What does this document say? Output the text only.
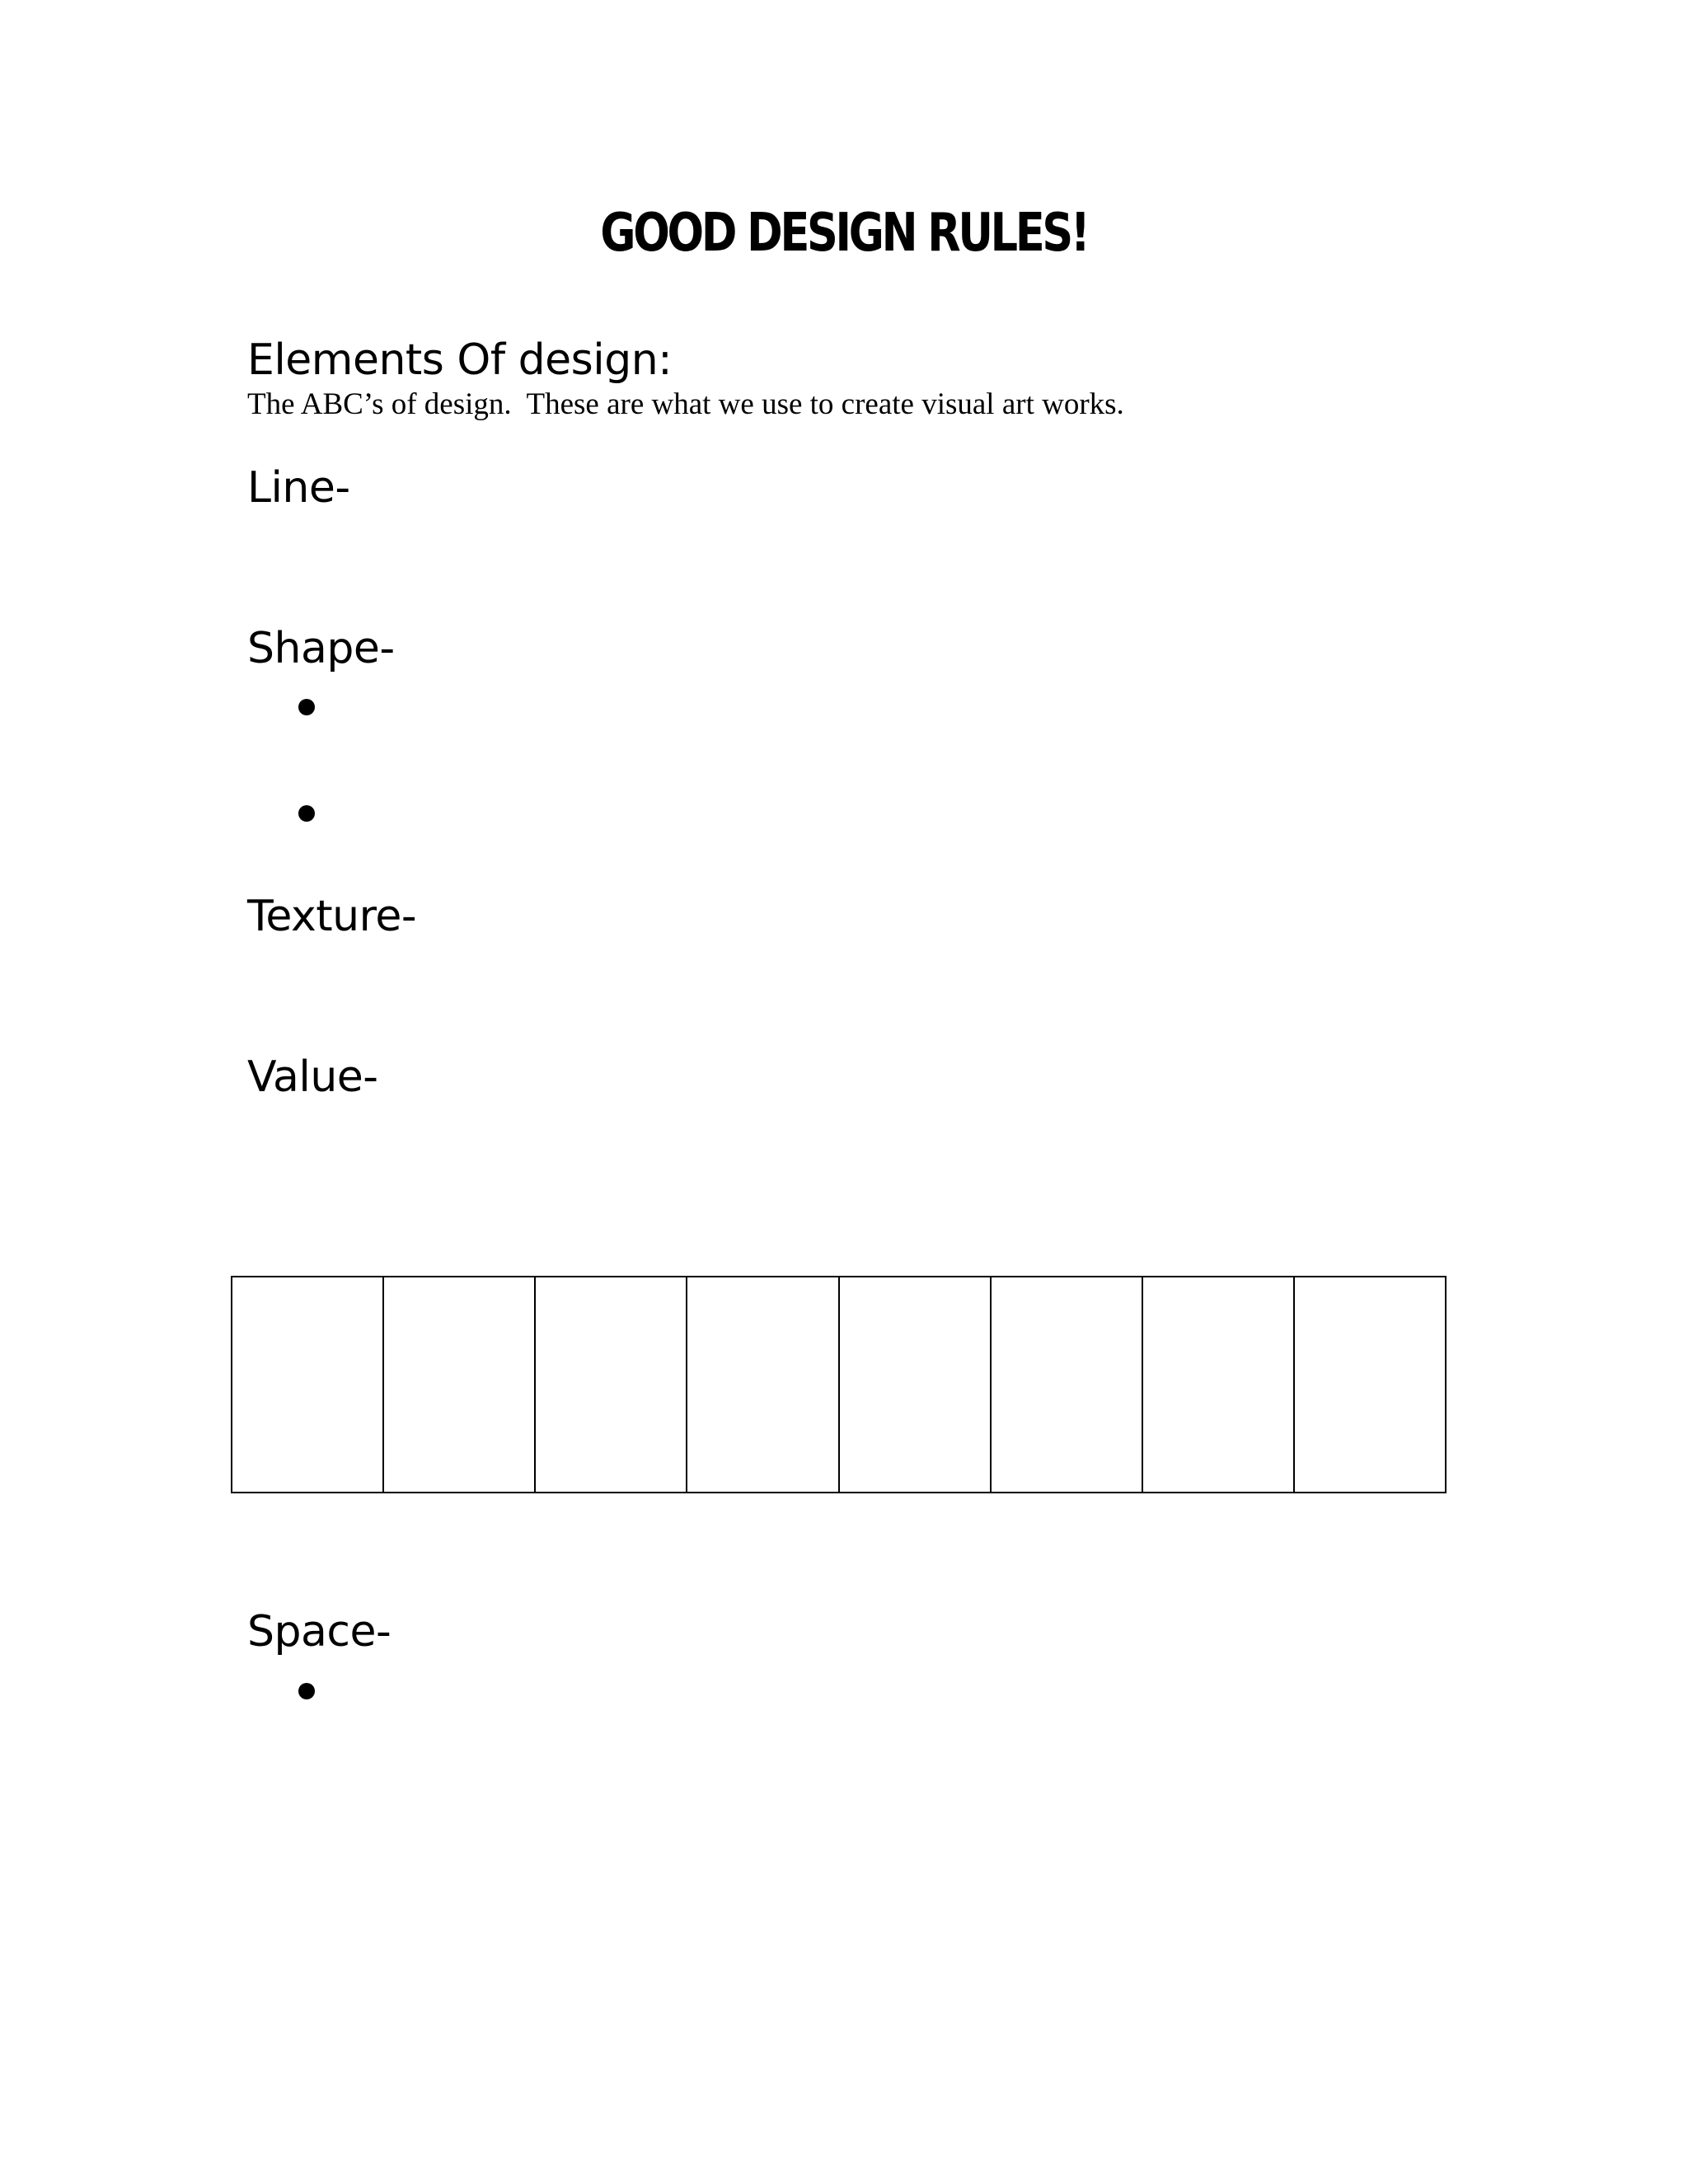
GOOD DESIGN RULES!
Elements Of design:
The ABC’s of design.  These are what we use to create visual art works.
Line-
Shape-
Texture-
Value-
Space-
